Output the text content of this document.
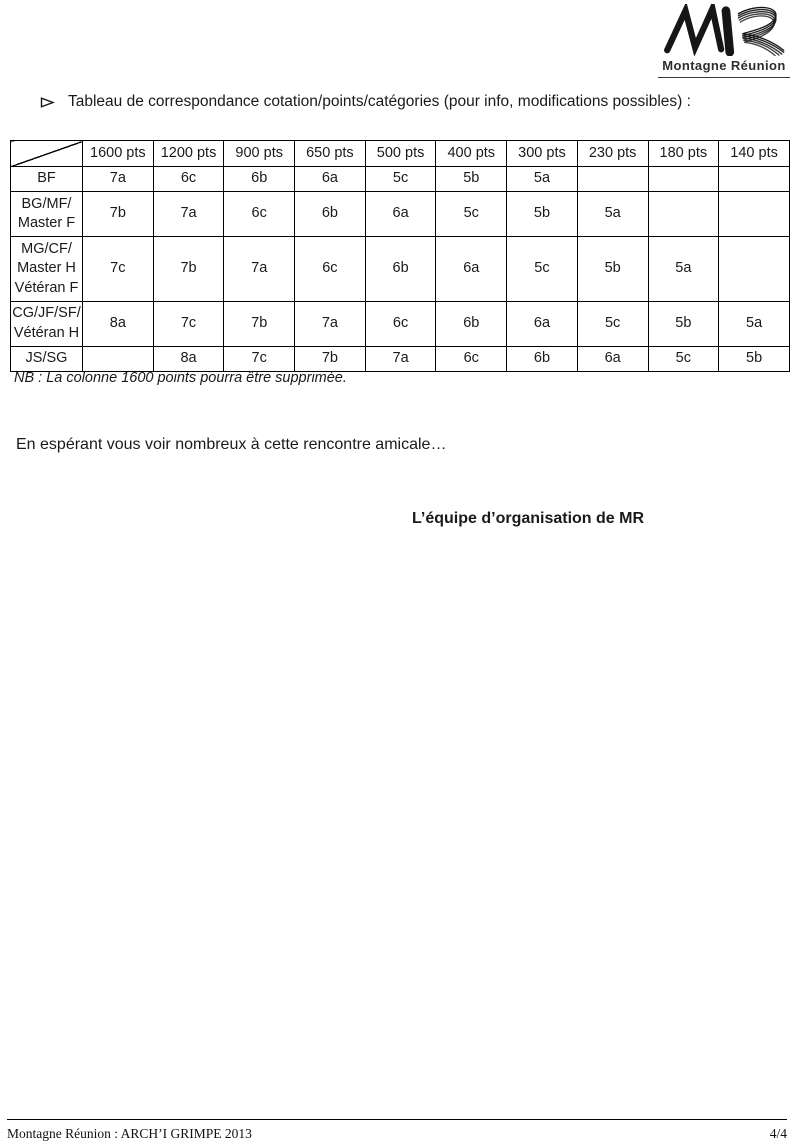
Montagne Réunion
Tableau de correspondance cotation/points/catégories (pour info, modifications possibles) :
	1600 pts	1200 pts	900 pts	650 pts	500 pts	400 pts	300 pts	230 pts	180 pts	140 pts
BF	7a	6c	6b	6a	5c	5b	5a			
BG/MF/
Master F	7b	7a	6c	6b	6a	5c	5b	5a		
MG/CF/
Master H
Vétéran F	7c	7b	7a	6c	6b	6a	5c	5b	5a	
CG/JF/SF/
Vétéran H	8a	7c	7b	7a	6c	6b	6a	5c	5b	5a
JS/SG		8a	7c	7b	7a	6c	6b	6a	5c	5b
NB : La colonne 1600 points pourra être supprimée.
En espérant vous voir nombreux à cette rencontre amicale…
L’équipe d’organisation de MR
Montagne Réunion : ARCH’I GRIMPE 2013	4/4
